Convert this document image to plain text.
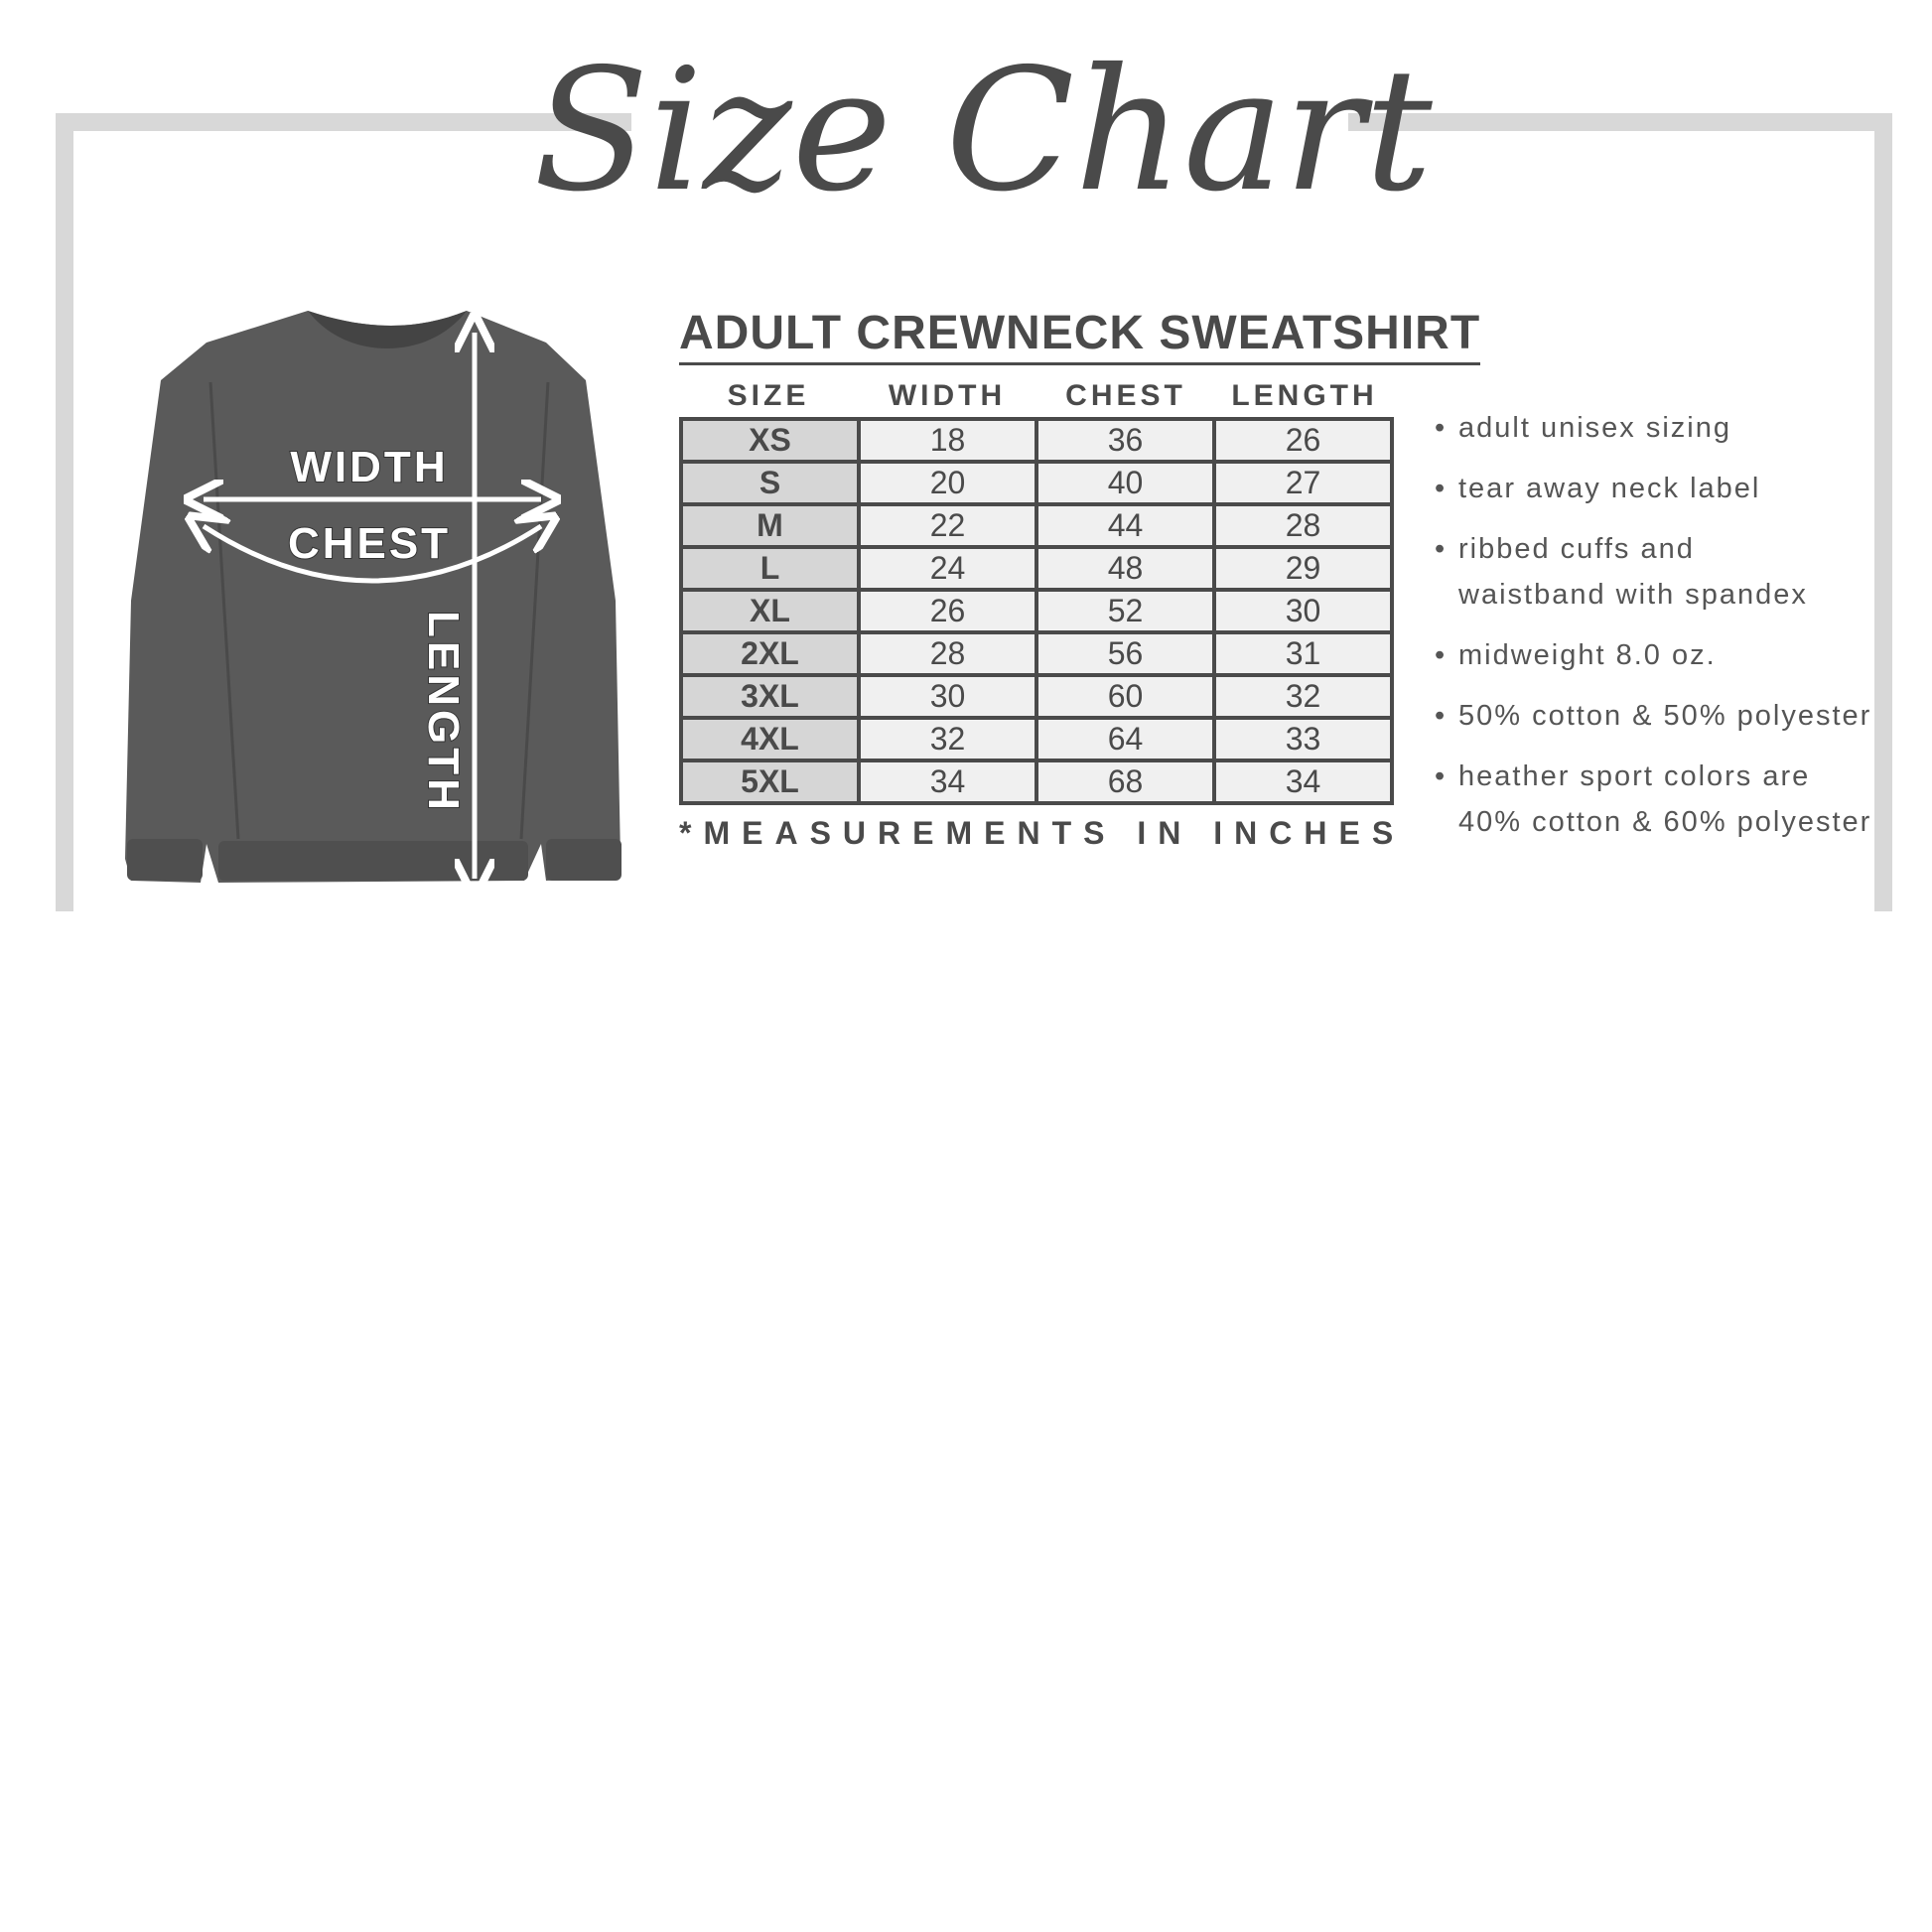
Size Chart
WIDTH
CHEST
LENGTH
ADULT CREWNECK SWEATSHIRT
SIZE	WIDTH	CHEST	LENGTH
XS	18	36	26
S	20	40	27
M	22	44	28
L	24	48	29
XL	26	52	30
2XL	28	56	31
3XL	30	60	32
4XL	32	64	33
5XL	34	68	34
*MEASUREMENTS IN INCHES
• adult unisex sizing
• tear away neck label
• ribbed cuffs and
waistband with spandex
• midweight 8.0 oz.
• 50% cotton & 50% polyester
• heather sport colors are
40% cotton & 60% polyester
